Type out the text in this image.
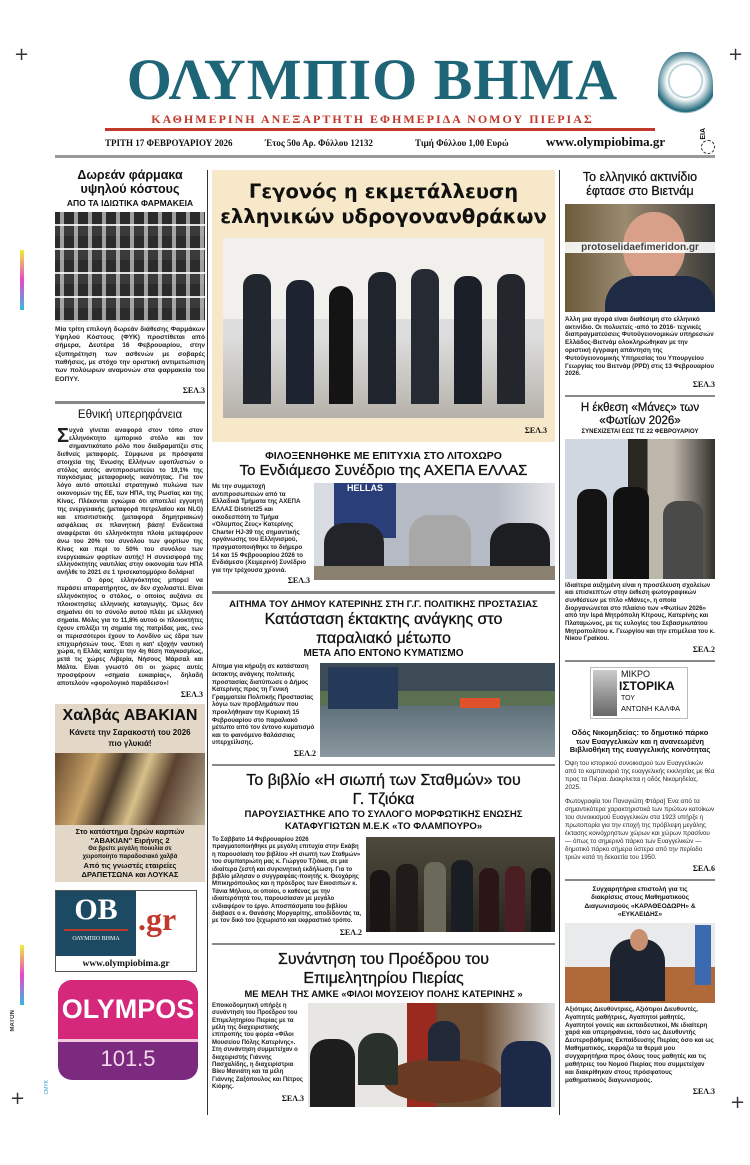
+	+
+	+
MATON
CMYK
ΟΛΥΜΠΙΟ ΒΗΜΑ
ΕΙΑ
ΚΑΘΗΜΕΡΙΝΗ ΑΝΕΞΑΡΤΗΤΗ ΕΦΗΜΕΡΙΔΑ ΝΟΜΟΥ ΠΙΕΡΙΑΣ
ΤΡΙΤΗ 17 ΦΕΒΡΟΥΑΡΙΟΥ 2026	Έτος 50ο Αρ. Φύλλου 12132	Τιμή Φύλλου 1,00 Ευρώ	www.olympiobima.gr
Δωρεάν φάρμακα υψηλού κόστους
ΑΠΟ ΤΑ ΙΔΙΩΤΙΚΑ ΦΑΡΜΑΚΕΙΑ

Μία τρίτη επιλογή δωρεάν διάθεσης Φαρμάκων Υψηλού Κόστους (ΦΥΚ) προστίθεται από σήμερα, Δευτέρα 16 Φεβρουαρίου, στην εξυπηρέτηση των ασθενών με σοβαρές παθήσεις, με στόχο την οριστική αντιμετώπιση των πολύωρων αναμονών στα φαρμακεία του ΕΟΠΥΥ.

ΣΕΛ.3
Εθνική υπερηφάνεια

Συχνά γίνεται αναφορά στον τόπο στον ελληνόκτητο εμπορικό στόλο και τον σημαντικότατο ρόλο που διαδραματίζει στις διεθνείς μεταφορές. Σύμφωνα με πρόσφατα στοιχεία της Ένωσης Ελλήνων εφοπλιστών ο στόλος αυτός αντιπροσωπεύει το 19,1% της παγκόσμιας μεταφορικής ικανότητας. Για τον λόγο αυτό αποτελεί στρατηγικό πυλώνα των οικονομιών της ΕΕ, των ΗΠΑ, της Ρωσίας και της Κίνας. Πλέκονται εγκώμια ότι αποτελεί εγγυητή της ενεργειακής (μεταφορά πετρελαίου και NLG) και επισιτιστικής (μεταφορά δημητριακών) ασφάλειας σε πλανητική βάση! Ενδεικτικά αναφέρεται ότι ελληνόκτητα πλοία μεταφέρουν άνω του 20% του συνόλου των φορτίων της Κίνας και περί το 50% του συνόλου των ενεργειακών φορτίων αυτής! Η συνεισφορά της ελληνόκτητης ναυτιλίας στην οικονομία των ΗΠΑ ανήλθε το 2021 σε 1 τρισεκατομμύριο δολάρια!

Ο όρος ελληνόκτητος μπορεί να περάσει απαρατήρητος, αν δεν σχολιαστεί. Είναι ελληνόκτητος ο στόλος, ο οποίος αυξάνει σε πλοιοκτησίες ελληνικής καταγωγής. Όμως δεν σημαίνει ότι το σύνολο αυτού πλέει με ελληνική σημαία. Μόλις για το 11,8% αυτού οι πλοιοκτήτες έχουν επιλέξει τη σημαία της πατρίδας μας, ενώ οι περισσότεροι έχουν το Λονδίνο ως έδρα των επιχειρήσεών τους. Έτσι η κατ' εξοχήν ναυτική χώρα, η Ελλάς κατέχει την 4η θέση παγκοσμίως, μετά τις χώρες Λιβερία, Νήσους Μάρσαλ και Μάλτα. Είναι γνωστό ότι οι χώρες αυτές προσφέρουν «σημαία ευκαιρίας», δηλαδή αποτελούν «φορολογικό παράδεισο»!

ΣΕΛ.3
Χαλβάς ΑΒΑΚΙΑΝ
Κάνετε την Σαρακοστή του 2026 πιο γλυκιά!
Στο κατάστημα ξηρών καρπών
"ΑΒΑΚΙΑΝ" Ειρήνης 2
Θα βρείτε μεγάλη ποικιλία σε χειροποίητο παραδοσιακό χαλβά
Από τις γνωστές εταιρείες
ΔΡΑΠΕΤΣΩΝΑ και ΛΟΥΚΑΣ
ΟΒ
ΟΛΥΜΠΙΟ ΒΗΜΑ
.gr
www.olympiobima.gr
OLYMPOS
101.5
Γεγονός η εκμετάλλευση ελληνικών υδρογονανθράκων
ΣΕΛ.3
ΦΙΛΟΞΕΝΗΘΗΚΕ ΜΕ ΕΠΙΤΥΧΙΑ ΣΤΟ ΛΙΤΟΧΩΡΟ
Το Ενδιάμεσο Συνέδριο της ΑΧΕΠΑ ΕΛΛΑΣ

Με την συμμετοχή αντιπροσωπειών από τα Ελλαδικά Τμήματα της ΑΧΕΠΑ ΕΛΛΑΣ District25 και οικοδεσπότη το Τμήμα «Όλυμπος Ζευς» Κατερίνης Charter HJ-39 της σημαντικής οργάνωσης του Ελληνισμού, πραγματοποιήθηκε το διήμερο 14 και 15 Φεβρουαρίου 2026 το Ενδιάμεσο (Χειμερινό) Συνέδριο για την τρέχουσα χρονιά.

ΣΕΛ.3
HELLAS
ΑΙΤΗΜΑ ΤΟΥ ΔΗΜΟΥ ΚΑΤΕΡΙΝΗΣ ΣΤΗ Γ.Γ. ΠΟΛΙΤΙΚΗΣ ΠΡΟΣΤΑΣΙΑΣ
Κατάσταση έκτακτης ανάγκης στο παραλιακό μέτωπο
ΜΕΤΑ ΑΠΟ ΕΝΤΟΝΟ ΚΥΜΑΤΙΣΜΟ

Αίτημα για κήρυξη σε κατάσταση έκτακτης ανάγκης πολιτικής προστασίας διατύπωσε ο Δήμος Κατερίνης προς τη Γενική Γραμματεία Πολιτικής Προστασίας λόγω των προβλημάτων που προκλήθηκαν την Κυριακή 15 Φεβρουαρίου στο παραλιακό μέτωπο από τον έντονο κυματισμό και το φαινόμενο θαλάσσιας υπερχείλισης.

ΣΕΛ.2
Το βιβλίο «Η σιωπή των Σταθμών» του Γ. Τζιόκα
ΠΑΡΟΥΣΙΑΣΤΗΚΕ ΑΠΟ ΤΟ ΣΥΛΛΟΓΟ ΜΟΡΦΩΤΙΚΗΣ ΕΝΩΣΗΣ ΚΑΤΑΦΥΓΙΩΤΩΝ Μ.Ε.Κ «ΤΟ ΦΛΑΜΠΟΥΡΟ»

Το Σάββατο 14 Φεβρουαρίου 2026 πραγματοποιήθηκε με μεγάλη επιτυχία στην Εκάβη η παρουσίαση του βιβλίου «Η σιωπή των Σταθμών» του συμπατριώτη μας κ. Γιώργου Τζιόκα, σε μια ιδιαίτερα ζεστή και συγκινητική εκδήλωση. Για το βιβλίο μίλησαν ο συγγραφέας-ποιητής κ. Θεοχάρης Μπικηρόπουλος και η πρόεδρος των Εικοσιπών κ. Τάνια Μήλιου, οι οποίοι, ο καθένας με την ιδιαιτερότητά του, παρουσίασαν με μεγάλο ενδιαφέρον το έργο. Αποσπάσματα του βιβλίου διάβασε ο κ. Θανάσης Μοργαρίτης, αποδίδοντάς τα, με τον δικό του ξεχωριστό και εκφραστικό τρόπο.

ΣΕΛ.2
Συνάντηση του Προέδρου του Επιμελητηρίου Πιερίας
ΜΕ ΜΕΛΗ ΤΗΣ ΑΜΚΕ «ΦΙΛΟΙ ΜΟΥΣΕΙΟΥ ΠΟΛΗΣ ΚΑΤΕΡΙΝΗΣ »

Εποικοδομητική υπήρξε η συνάντηση του Προέδρου του Επιμελητηρίου Πιερίας με τα μέλη της διαχειριστικής επιτροπής του φορέα «Φίλοι Μουσείου Πόλης Κατερίνης». Στη συνάντηση συμμετείχαν ο διαχειριστής Γιάννης Πασχαλίδης, η διαχειρίστρια Βίκυ Μανιάτη και τα μέλη Γιάννης Ζαξόπουλος και Πέτρος Κιόρης.

ΣΕΛ.3
Το ελληνικό ακτινίδιο έφτασε στο Βιετνάμ
protoselidaefimeridon.gr

Άλλη μια αγορά είναι διαθέσιμη στο ελληνικό ακτινίδιο. Οι πολυετείς -από το 2016- τεχνικές διαπραγματεύσεις Φυτοϋγειονομικών υπηρεσιών Ελλάδος-Βιετνάμ ολοκληρώθηκαν με την οριστική έγγραφη απάντηση της Φυτοϋγειονομικής Υπηρεσίας του Υπουργείου Γεωργίας του Βιετνάμ (PPD) στις 13 Φεβρουαρίου 2026.

ΣΕΛ.3
Η έκθεση «Μάνες» των «Φωτίων 2026»
ΣΥΝΕΧΙΖΕΤΑΙ ΕΩΣ ΤΙΣ 22 ΦΕΒΡΟΥΑΡΙΟΥ

Ιδιαίτερα αυξημένη είναι η προσέλευση σχολείων και επισκεπτών στην έκθεση φωτογραφικών συνθέσεων με τίτλο «Μάνες», η οποία διοργανώνεται στο πλαίσιο των «Φωτίων 2026» από την Ιερά Μητρόπολη Κίτρους, Κατερίνης και Πλαταμώνος, με τις ευλογίες του Σεβασμιωτάτου Μητροπολίτου κ. Γεωργίου και την επιμέλεια του κ. Νίκου Γραίκου.

ΣΕΛ.2
ΜΙΚΡΟ
ΙΣΤΟΡΙΚΑ
ΤΟΥ
ΑΝΤΩΝΗ ΚΑΛΦΑ
Οδός Νικομηδείας: το δημοτικό πάρκο των Ευαγγελικών και η ανανεωμένη Βιβλιοθήκη της ευαγγελικής κοινότητας

Όψη του ιστορικού συνοικισμού των Ευαγγελικών από το καμπαναριό της ευαγγελικής εκκλησίας με θέα προς τα Πιέρια. Διακρίνεται η οδός Νικομηδείας. 2025.

Φωτογραφία του Παναγιώτη Φτάρα] Ένα από τα σημαντικότερα χαρακτηριστικά των πρώτων κατοίκων του συνοικισμού Ευαγγελικών στα 1923 υπήρξε η πρωτοπορία για την εποχή της πρόβλεψη μεγάλης έκτασης κοινόχρηστων χώρων και χώρων πρασίνου— όπως το σημερινό πάρκο των Ευαγγελικών — δημοτικό πάρκο σήμερα ύστερα από την περίοδο τριών κατά τη δεκαετία του 1950.

ΣΕΛ.6
Συγχαρητήρια επιστολή για τις διακρίσεις στους Μαθηματικούς Διαγωνισμούς «ΚΑΡΑΘΕΟΔΩΡΗ» & «ΕΥΚΛΕΙΔΗΣ»

Αξιότιμες Διευθύντριες, Αξιότιμοι Διευθυντές, Αγαπητές μαθήτριες, Αγαπητοί μαθητές, Αγαπητοί γονείς και εκπαιδευτικοί, Με ιδιαίτερη χαρά και υπερηφάνεια, τόσο ως Διευθυντής Δευτεροβάθμιας Εκπαίδευσης Πιερίας όσο και ως Μαθηματικός, εκφράζω τα θερμά μου συγχαρητήρια προς όλους τους μαθητές και τις μαθήτριες του Νομού Πιερίας που συμμετείχαν και διακρίθηκαν στους πρόσφατους μαθηματικούς διαγωνισμούς.

ΣΕΛ.3
